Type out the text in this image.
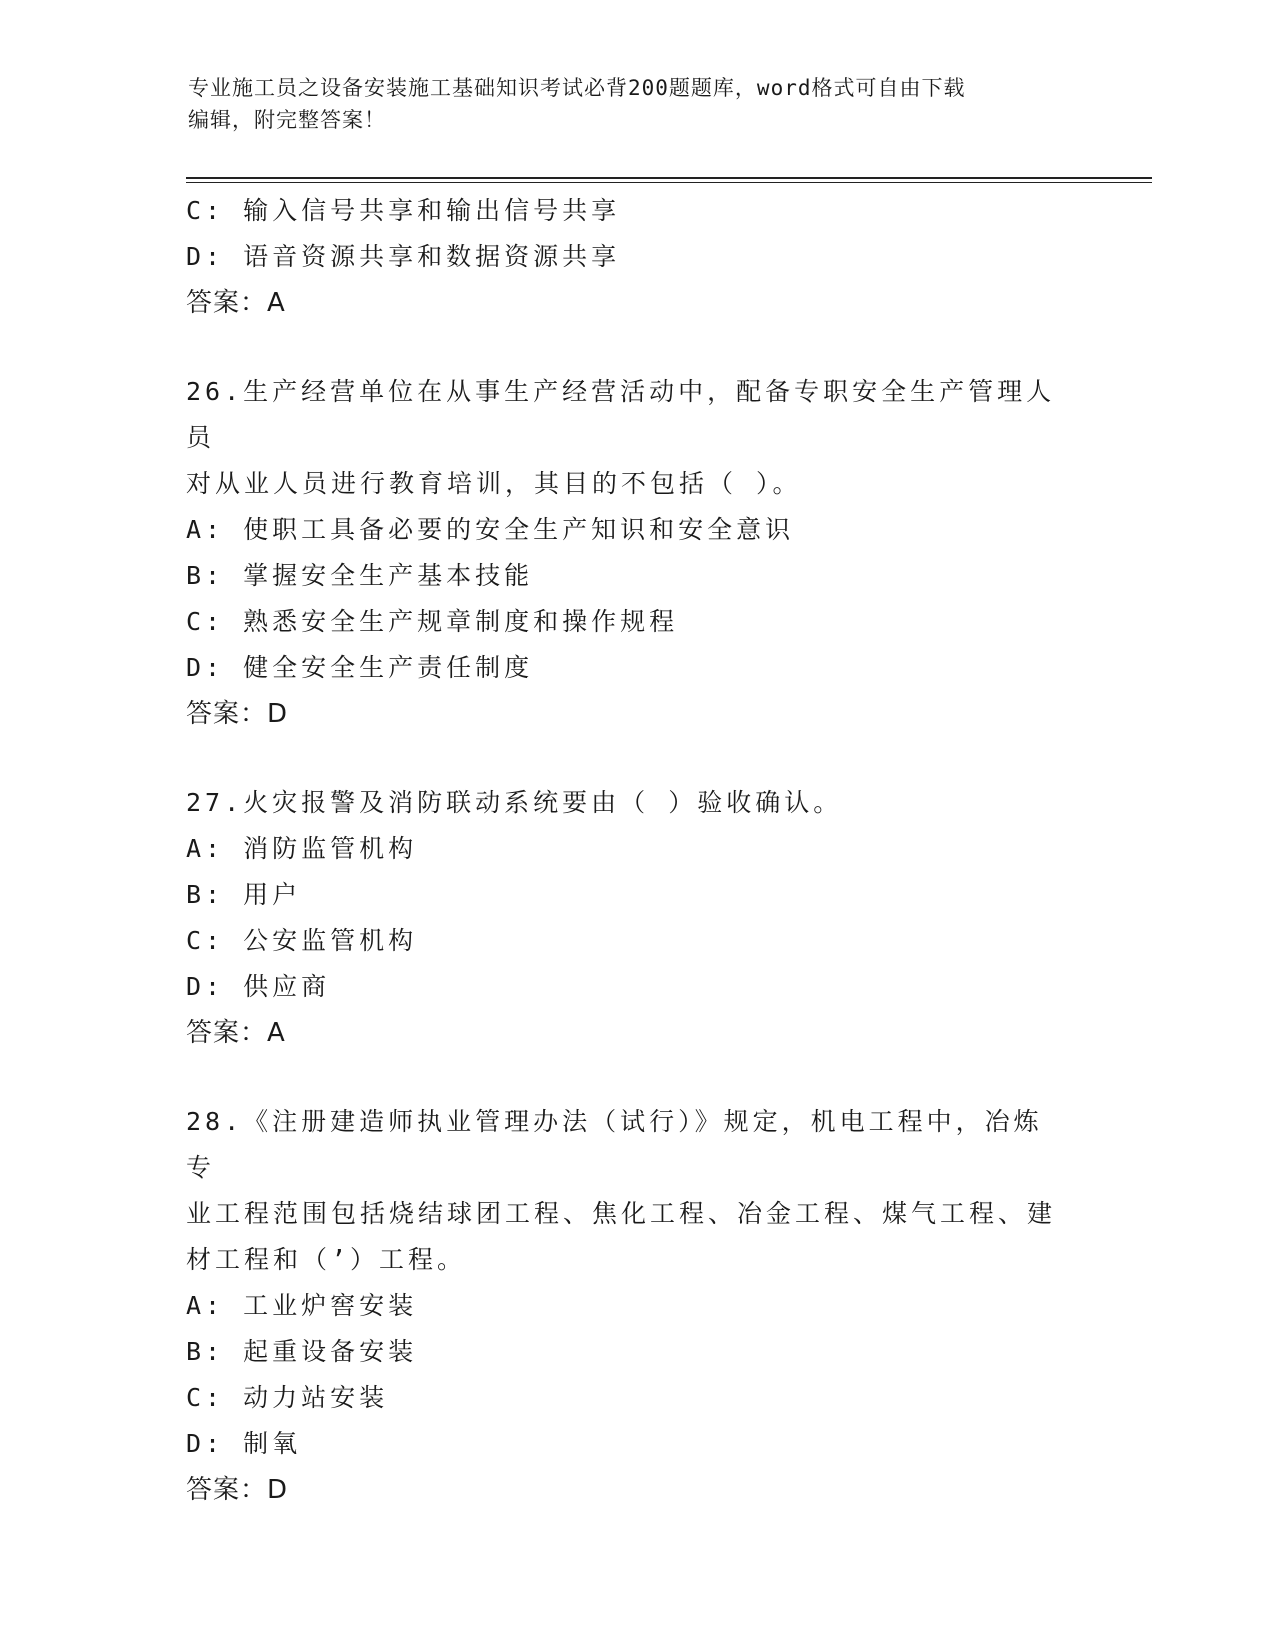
专业施工员之设备安装施工基础知识考试必背200题题库，word格式可自由下载
编辑，附完整答案！
C: 输入信号共享和输出信号共享
D: 语音资源共享和数据资源共享
答案：A
26.生产经营单位在从事生产经营活动中，配备专职安全生产管理人员
对从业人员进行教育培训，其目的不包括（ ）。
A: 使职工具备必要的安全生产知识和安全意识
B: 掌握安全生产基本技能
C: 熟悉安全生产规章制度和操作规程
D: 健全安全生产责任制度
答案：D
27.火灾报警及消防联动系统要由（ ）验收确认。
A: 消防监管机构
B: 用户
C: 公安监管机构
D: 供应商
答案：A
28.《注册建造师执业管理办法（试行）》规定，机电工程中，冶炼专
业工程范围包括烧结球团工程、焦化工程、冶金工程、煤气工程、建
材工程和（’）工程。
A: 工业炉窖安装
B: 起重设备安装
C: 动力站安装
D: 制氧
答案：D
